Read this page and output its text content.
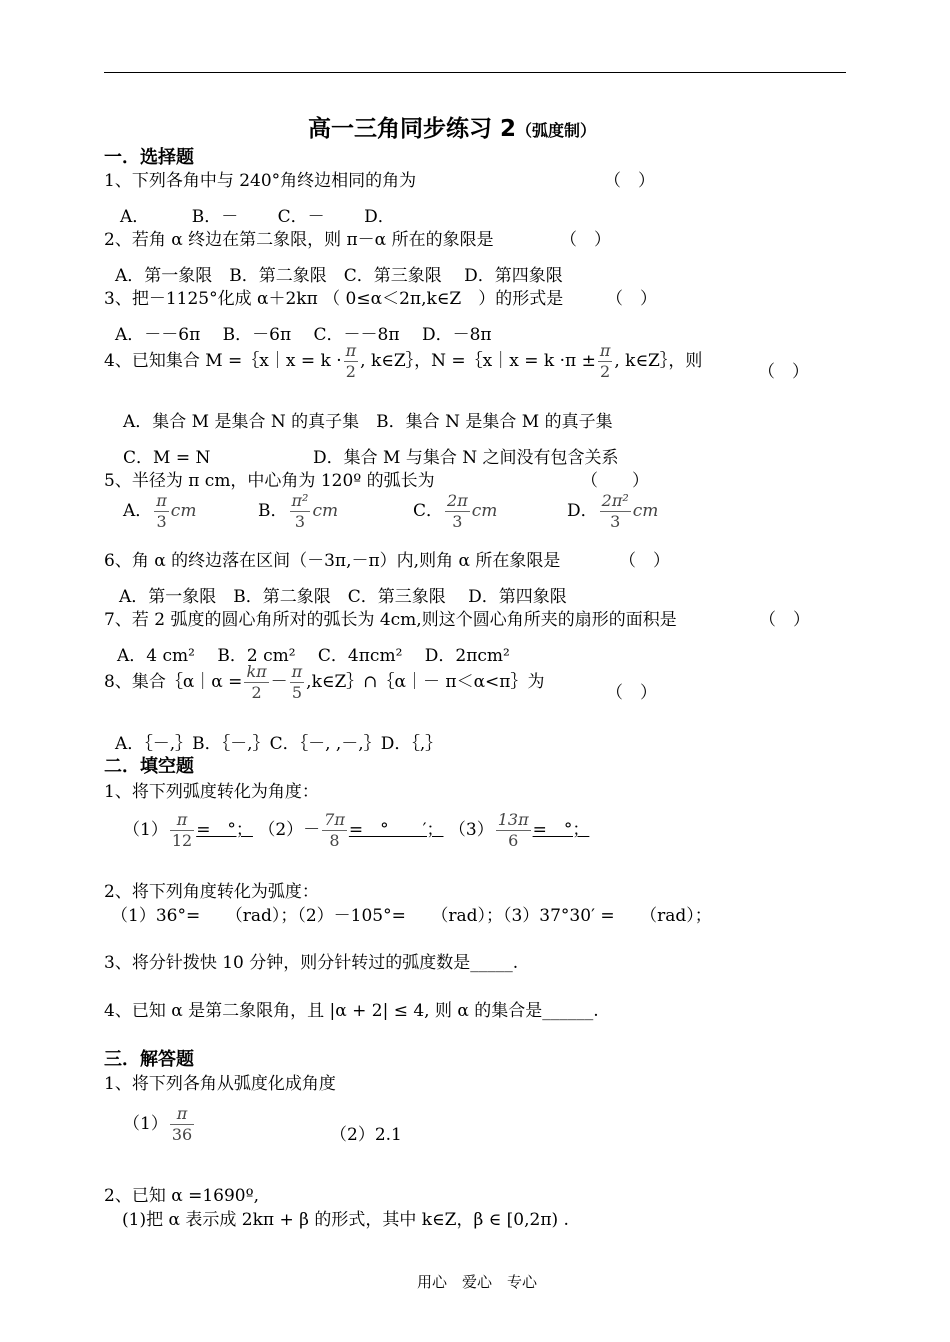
高一三角同步练习 2（弧度制）
一．选择题
1、下列各角中与 240°角终边相同的角为	（　）
A．　　　B．－　　 C．－　　 D．
2、若角 α 终边在第二象限，则 π－α 所在的象限是	（　）
A．第一象限　B．第二象限　C．第三象限　 D．第四象限
3、把－1125°化成 α＋2kπ （ 0≤α＜2π,k∈Z　）的形式是	（　）
A．－－6π　 B．－6π　 C．－－8π　 D．－8π
4、已知集合 M =｛x｜x = $k \cdot \frac{\pi}{2}$ , k∈Z｝，N =｛x｜x = $k \cdot\pi \pm \frac{\pi}{2}$ , k∈Z｝，则
（　）
A．集合 M 是集合 N 的真子集　B．集合 N 是集合 M 的真子集
C．M = N	D．集合 M 与集合 N 之间没有包含关系
5、半径为 π cm，中心角为 120º 的弧长为	（　　）
A． $\frac{\pi}{3}$ cm	B． $\frac{\text{π²}}{3}$ cm	C． $\frac{2\pi}{3}$ cm	D． $\frac{\text{2π²}}{3}$ cm
6、角 α 的终边落在区间（－3π,－π）内,则角 α 所在象限是	（　）
A．第一象限　B．第二象限　C．第三象限　 D．第四象限
7、若 2 弧度的圆心角所对的弧长为 4cm,则这个圆心角所夹的扇形的面积是	（　）
A．4 cm²　 B．2 cm²　 C．4πcm²　 D．2πcm²
8、集合｛α｜α = $\frac{k\pi}{2} - \frac{\pi}{5}$ ,k∈Z｝∩｛α｜－ π＜α<π｝为
（　）
A．｛－,｝B．｛－,｝C．｛－, ,－,｝D．｛,｝
二．填空题
1、将下列弧度转化为角度：
$(1) \frac{\pi}{12}$ =　°； $(2)- \frac{7\pi}{8}$ =　°　　′； $(3) \frac{13\pi}{6}$ =　°；
2、将下列角度转化为弧度：
（1）36°=　　（rad）；（2）－105°=　　（rad）；（3）37°30′ =　　（rad）；
3、将分针拨快 10 分钟，则分针转过的弧度数是_____.
4、已知 α 是第二象限角，且 |α + 2| ≤ 4, 则 α 的集合是______.
三．解答题
1、将下列各角从弧度化成角度
$(1) \frac{\pi}{36}$	（2）2.1
2、已知 α =1690º,
(1)把 α 表示成 2kπ + β 的形式，其中 k∈Z，β ∈ [0,2π) .
用心　爱心　专心
